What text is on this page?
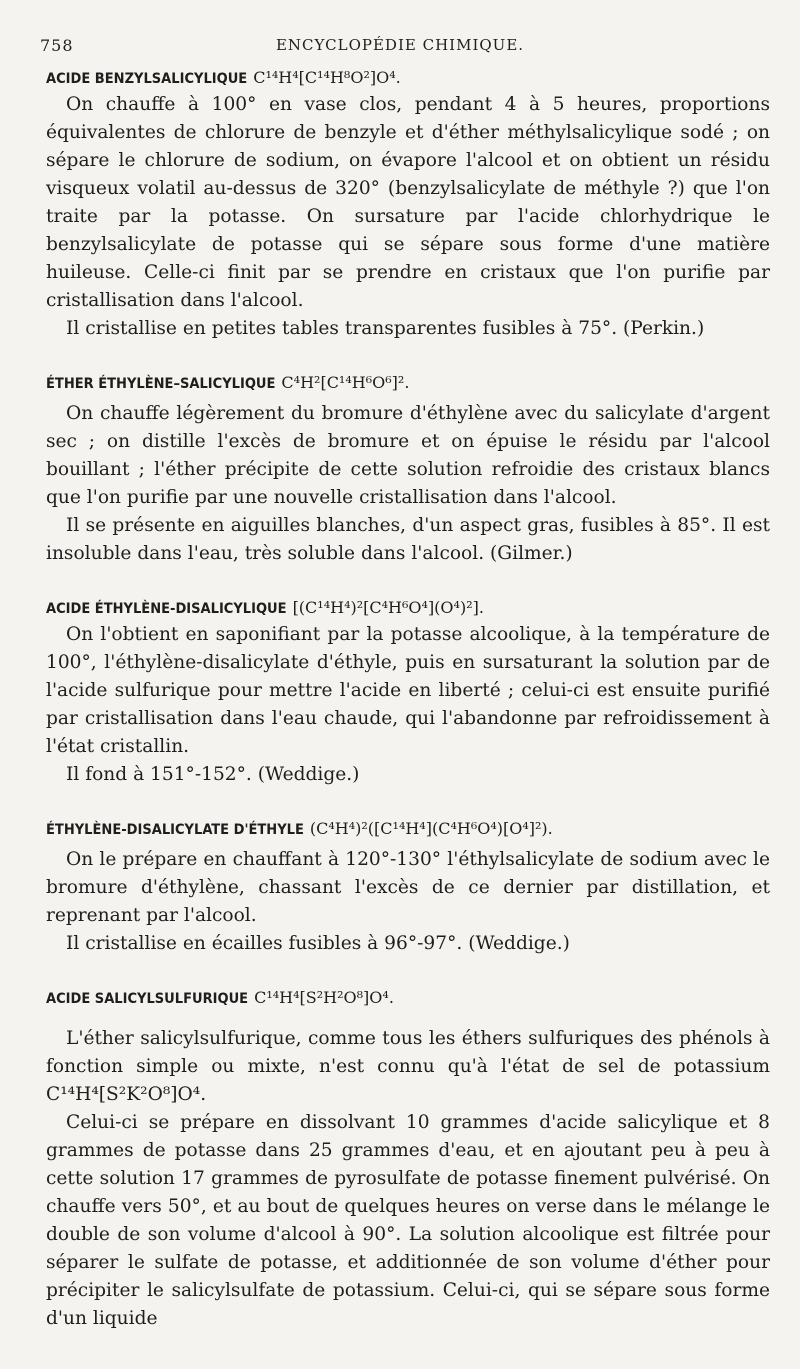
758	ENCYCLOPÉDIE CHIMIQUE.

ACIDE BENZYLSALICYLIQUE C¹⁴H⁴[C¹⁴H⁸O²]O⁴.

On chauffe à 100° en vase clos, pendant 4 à 5 heures, proportions équivalentes de chlorure de benzyle et d'éther méthylsalicylique sodé ; on sépare le chlorure de sodium, on évapore l'alcool et on obtient un résidu visqueux volatil au-dessus de 320° (benzylsalicylate de méthyle ?) que l'on traite par la potasse. On sursature par l'acide chlorhydrique le benzylsalicylate de potasse qui se sépare sous forme d'une matière huileuse. Celle-ci finit par se prendre en cristaux que l'on purifie par cristallisation dans l'alcool.

Il cristallise en petites tables transparentes fusibles à 75°. (Perkin.)

ÉTHER ÉTHYLÈNE–SALICYLIQUE C⁴H²[C¹⁴H⁶O⁶]².

On chauffe légèrement du bromure d'éthylène avec du salicylate d'argent sec ; on distille l'excès de bromure et on épuise le résidu par l'alcool bouillant ; l'éther précipite de cette solution refroidie des cristaux blancs que l'on purifie par une nouvelle cristallisation dans l'alcool.

Il se présente en aiguilles blanches, d'un aspect gras, fusibles à 85°. Il est insoluble dans l'eau, très soluble dans l'alcool. (Gilmer.)

ACIDE ÉTHYLÈNE-DISALICYLIQUE [(C¹⁴H⁴)²[C⁴H⁶O⁴](O⁴)²].

On l'obtient en saponifiant par la potasse alcoolique, à la température de 100°, l'éthylène-disalicylate d'éthyle, puis en sursaturant la solution par de l'acide sulfurique pour mettre l'acide en liberté ; celui-ci est ensuite purifié par cristallisation dans l'eau chaude, qui l'abandonne par refroidissement à l'état cristallin.

Il fond à 151°-152°. (Weddige.)

ÉTHYLÈNE-DISALICYLATE D'ÉTHYLE (C⁴H⁴)²([C¹⁴H⁴](C⁴H⁶O⁴)[O⁴]²).

On le prépare en chauffant à 120°-130° l'éthylsalicylate de sodium avec le bromure d'éthylène, chassant l'excès de ce dernier par distillation, et reprenant par l'alcool.

Il cristallise en écailles fusibles à 96°-97°. (Weddige.)

ACIDE SALICYLSULFURIQUE C¹⁴H⁴[S²H²O⁸]O⁴.

L'éther salicylsulfurique, comme tous les éthers sulfuriques des phénols à fonction simple ou mixte, n'est connu qu'à l'état de sel de potassium C¹⁴H⁴[S²K²O⁸]O⁴.

Celui-ci se prépare en dissolvant 10 grammes d'acide salicylique et 8 grammes de potasse dans 25 grammes d'eau, et en ajoutant peu à peu à cette solution 17 grammes de pyrosulfate de potasse finement pulvérisé. On chauffe vers 50°, et au bout de quelques heures on verse dans le mélange le double de son volume d'alcool à 90°. La solution alcoolique est filtrée pour séparer le sulfate de potasse, et additionnée de son volume d'éther pour précipiter le salicylsulfate de potassium. Celui-ci, qui se sépare sous forme d'un liquide
